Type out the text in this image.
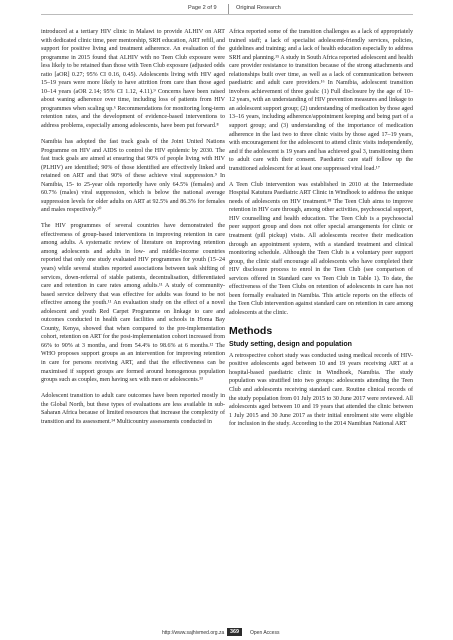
Page 2 of 9	Original Research

introduced at a tertiary HIV clinic in Malawi to provide ALHIV on ART with dedicated clinic time, peer mentorship, SRH education, ART refill, and support for positive living and treatment adherence. An evaluation of the programme in 2015 found that ALHIV with no Teen Club exposure were less likely to be retained than those with Teen Club exposure (adjusted odds ratio [aOR] 0.27; 95% CI 0.16, 0.45). Adolescents living with HIV aged 15–19 years were more likely to have attrition from care than those aged 10–14 years (aOR 2.14; 95% CI 1.12, 4.11).⁹ Concerns have been raised about waning adherence over time, including loss of patients from HIV programmes when scaling up.⁶ Recommendations for monitoring long-term retention rates, and the development of evidence-based interventions to address problems, especially among adolescents, have been put forward.⁸

Namibia has adopted the fast track goals of the Joint United Nations Programme on HIV and AIDS to control the HIV epidemic by 2030. The fast track goals are aimed at ensuring that 90% of people living with HIV (PLHIV) are identified; 90% of those identified are effectively linked and retained on ART and that 90% of these achieve viral suppression.⁹ In Namibia, 15- to 25-year olds reportedly have only 64.5% (females) and 60.7% (males) viral suppression, which is below the national average suppression levels for older adults on ART at 92.5% and 86.3% for females and males respectively.¹⁰

The HIV programmes of several countries have demonstrated the effectiveness of group-based interventions in improving retention in care among adults. A systematic review of literature on improving retention among adolescents and adults in low- and middle-income countries reported that only one study evaluated HIV programmes for youth (15–24 years) while several studies reported associations between task shifting of services, down-referral of stable patients, decentralisation, differentiated care and retention in care rates among adults.¹¹ A study of community-based service delivery that was effective for adults was found to be not effective among the youth.¹¹ An evaluation study on the effect of a novel adolescent and youth Red Carpet Programme on linkage to care and outcomes conducted in health care facilities and schools in Homa Bay County, Kenya, showed that when compared to the pre-implementation cohort, retention on ART for the post-implementation cohort increased from 66% to 90% at 3 months, and from 54.4% to 98.6% at 6 months.¹² The WHO proposes support groups as an intervention for improving retention in care for persons receiving ART, and that the effectiveness can be maximised if support groups are formed around homogenous population groups such as couples, men having sex with men or adolescents.¹³

Adolescent transition to adult care outcomes have been reported mostly in the Global North, but these types of evaluations are less available in sub-Saharan Africa because of limited resources that increase the complexity of transition and its assessment.¹⁴ Multicountry assessments conducted in

Africa reported some of the transition challenges as a lack of appropriately trained staff; a lack of specialist adolescent-friendly services, policies, guidelines and training; and a lack of health education especially to address SRH and planning.¹⁵ A study in South Africa reported adolescent and health care provider resistance to transition because of the strong attachments and relationships built over time, as well as a lack of communication between paediatric and adult care providers.¹⁶ In Namibia, adolescent transition involves achievement of three goals: (1) Full disclosure by the age of 10–12 years, with an understanding of HIV prevention measures and linkage to an adolescent support group; (2) understanding of medication by those aged 13–16 years, including adherence/appointment keeping and being part of a support group; and (3) understanding of the importance of medication adherence in the last two to three clinic visits by those aged 17–19 years, with encouragement for the adolescent to attend clinic visits independently, and if the adolescent is 19 years and has achieved goal 3, transitioning them to adult care with their consent. Paediatric care staff follow up the transitioned adolescent for at least one suppressed viral load.¹⁷

A Teen Club intervention was established in 2010 at the Intermediate Hospital Katutura Paediatric ART Clinic in Windhoek to address the unique needs of adolescents on HIV treatment.¹⁸ The Teen Club aims to improve retention in HIV care through, among other activities, psychosocial support, HIV counselling and health education. The Teen Club is a psychosocial peer support group and does not offer special arrangements for clinic or treatment (pill pickup) visits. All adolescents receive their medication through an appointment system, with a standard treatment and clinical monitoring schedule. Although the Teen Club is a voluntary peer support group, the clinic staff encourage all adolescents who have completed their HIV disclosure process to enrol in the Teen Club (see comparison of services offered in Standard care vs Teen Club in Table 1). To date, the effectiveness of the Teen Clubs on retention of adolescents in care has not been formally evaluated in Namibia. This article reports on the effects of the Teen Club intervention against standard care on retention in care among adolescents at the clinic.

Methods
Study setting, design and population

A retrospective cohort study was conducted using medical records of HIV-positive adolescents aged between 10 and 19 years receiving ART at a hospital-based paediatric clinic in Windhoek, Namibia. The study population was stratified into two groups: adolescents attending the Teen Club and adolescents receiving standard care. Routine clinical records of the study population from 01 July 2015 to 30 June 2017 were reviewed. All adolescents aged between 10 and 19 years that attended the clinic between 1 July 2015 and 30 June 2017 as their initial enrolment site were eligible for inclusion in the study. According to the 2014 Namibian National ART

http://www.sajhivmed.org.za	369	Open Access
